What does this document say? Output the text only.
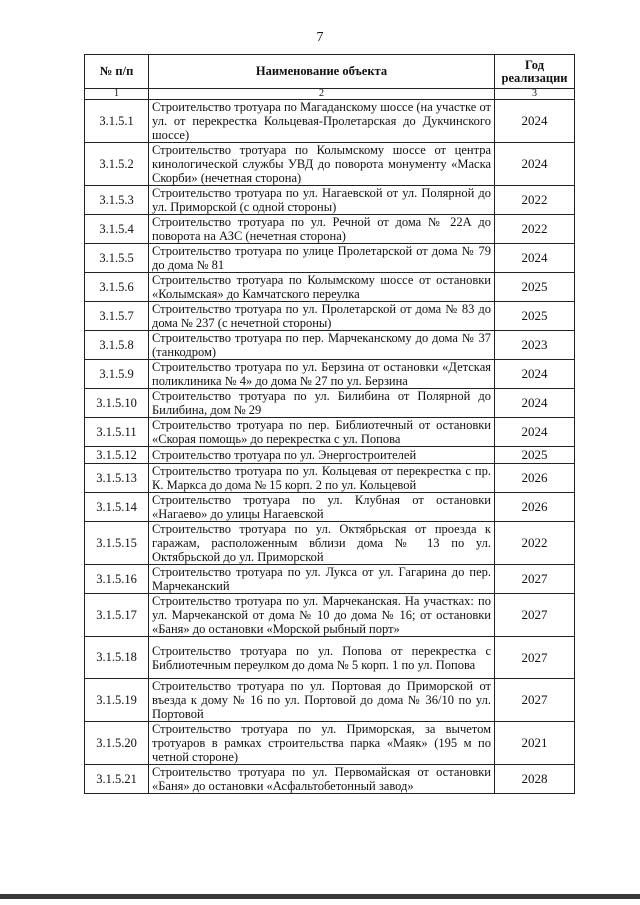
7
№ п/п	Наименование объекта	Год реализации
1	2	3
3.1.5.1	Строительство тротуара по Магаданскому шоссе (на участке от ул. от перекрестка Кольцевая-Пролетарская до Дукчинского шоссе)	2024
3.1.5.2	Строительство тротуара по Колымскому шоссе от центра кинологической службы УВД до поворота монументу «Маска Скорби» (нечетная сторона)	2024
3.1.5.3	Строительство тротуара по ул. Нагаевской от ул. Полярной до ул. Приморской (с одной стороны)	2022
3.1.5.4	Строительство тротуара по ул. Речной от дома № 22А до поворота на АЗС (нечетная сторона)	2022
3.1.5.5	Строительство тротуара по улице Пролетарской от дома № 79 до дома № 81	2024
3.1.5.6	Строительство тротуара по Колымскому шоссе от остановки «Колымская» до Камчатского переулка	2025
3.1.5.7	Строительство тротуара по ул. Пролетарской от дома № 83 до дома № 237 (с нечетной стороны)	2025
3.1.5.8	Строительство тротуара по пер. Марчеканскому до дома № 37 (танкодром)	2023
3.1.5.9	Строительство тротуара по ул. Берзина от остановки «Детская поликлиника № 4» до дома № 27 по ул. Берзина	2024
3.1.5.10	Строительство тротуара по ул. Билибина от Полярной до Билибина, дом № 29	2024
3.1.5.11	Строительство тротуара по пер. Библиотечный от остановки «Скорая помощь» до перекрестка с ул. Попова	2024
3.1.5.12	Строительство тротуара по ул. Энергостроителей	2025
3.1.5.13	Строительство тротуара по ул. Кольцевая от перекрестка с пр. К. Маркса до дома № 15 корп. 2 по ул. Кольцевой	2026
3.1.5.14	Строительство тротуара по ул. Клубная от остановки «Нагаево» до улицы Нагаевской	2026
3.1.5.15	Строительство тротуара по ул. Октябрьская от проезда к гаражам, расположенным вблизи дома № 13 по ул. Октябрьской до ул. Приморской	2022
3.1.5.16	Строительство тротуара по ул. Лукса от ул. Гагарина до пер. Марчеканский	2027
3.1.5.17	Строительство тротуара по ул. Марчеканская. На участках: по ул. Марчеканской от дома № 10 до дома № 16; от остановки «Баня» до остановки «Морской рыбный порт»	2027
3.1.5.18	Строительство тротуара по ул. Попова от перекрестка с Библиотечным переулком до дома № 5 корп. 1 по ул. Попова	2027
3.1.5.19	Строительство тротуара по ул. Портовая до Приморской от въезда к дому № 16 по ул. Портовой до дома № 36/10 по ул. Портовой	2027
3.1.5.20	Строительство тротуара по ул. Приморская, за вычетом тротуаров в рамках строительства парка «Маяк» (195 м по четной стороне)	2021
3.1.5.21	Строительство тротуара по ул. Первомайская от остановки «Баня» до остановки «Асфальтобетонный завод»	2028
